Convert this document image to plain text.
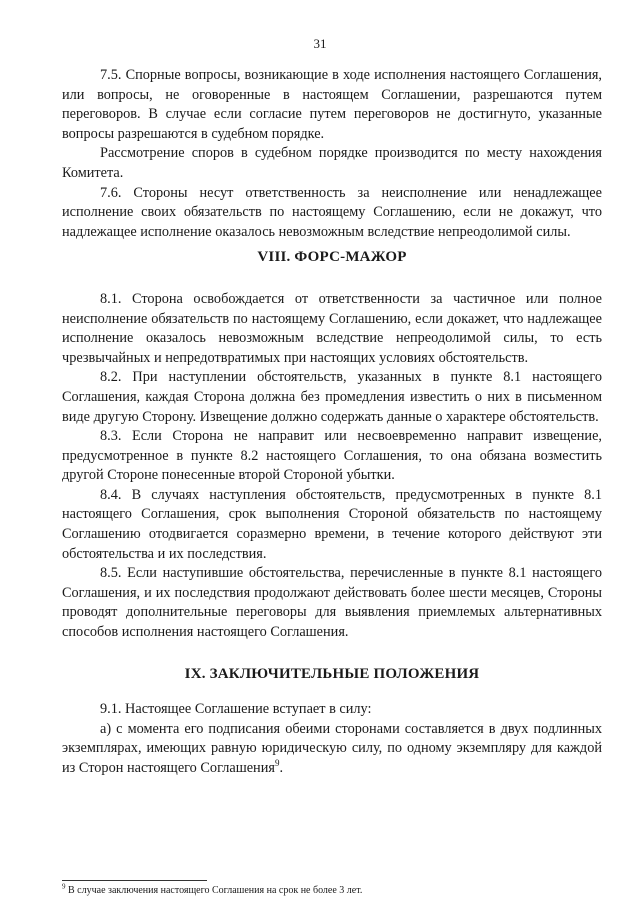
31

7.5. Спорные вопросы, возникающие в ходе исполнения настоящего Соглашения, или вопросы, не оговоренные в настоящем Соглашении, разрешаются путем переговоров. В случае если согласие путем переговоров не достигнуто, указанные вопросы разрешаются в судебном порядке.

Рассмотрение споров в судебном порядке производится по месту нахождения Комитета.

7.6. Стороны несут ответственность за неисполнение или ненадлежащее исполнение своих обязательств по настоящему Соглашению, если не докажут, что надлежащее исполнение оказалось невозможным вследствие непреодолимой силы.

VIII. ФОРС-МАЖОР

8.1. Сторона освобождается от ответственности за частичное или полное неисполнение обязательств по настоящему Соглашению, если докажет, что надлежащее исполнение оказалось невозможным вследствие непреодолимой силы, то есть чрезвычайных и непредотвратимых при настоящих условиях обстоятельств.

8.2. При наступлении обстоятельств, указанных в пункте 8.1 настоящего Соглашения, каждая Сторона должна без промедления известить о них в письменном виде другую Сторону. Извещение должно содержать данные о характере обстоятельств.

8.3. Если Сторона не направит или несвоевременно направит извещение, предусмотренное в пункте 8.2 настоящего Соглашения, то она обязана возместить другой Стороне понесенные второй Стороной убытки.

8.4. В случаях наступления обстоятельств, предусмотренных в пункте 8.1 настоящего Соглашения, срок выполнения Стороной обязательств по настоящему Соглашению отодвигается соразмерно времени, в течение которого действуют эти обстоятельства и их последствия.

8.5. Если наступившие обстоятельства, перечисленные в пункте 8.1 настоящего Соглашения, и их последствия продолжают действовать более шести месяцев, Стороны проводят дополнительные переговоры для выявления приемлемых альтернативных способов исполнения настоящего Соглашения.

IX. ЗАКЛЮЧИТЕЛЬНЫЕ ПОЛОЖЕНИЯ

9.1. Настоящее Соглашение вступает в силу:

а) с момента его подписания обеими сторонами составляется в двух подлинных экземплярах, имеющих равную юридическую силу, по одному экземпляру для каждой из Сторон настоящего Соглашения$^9$.

$^9$ В случае заключения настоящего Соглашения на срок не более 3 лет.
